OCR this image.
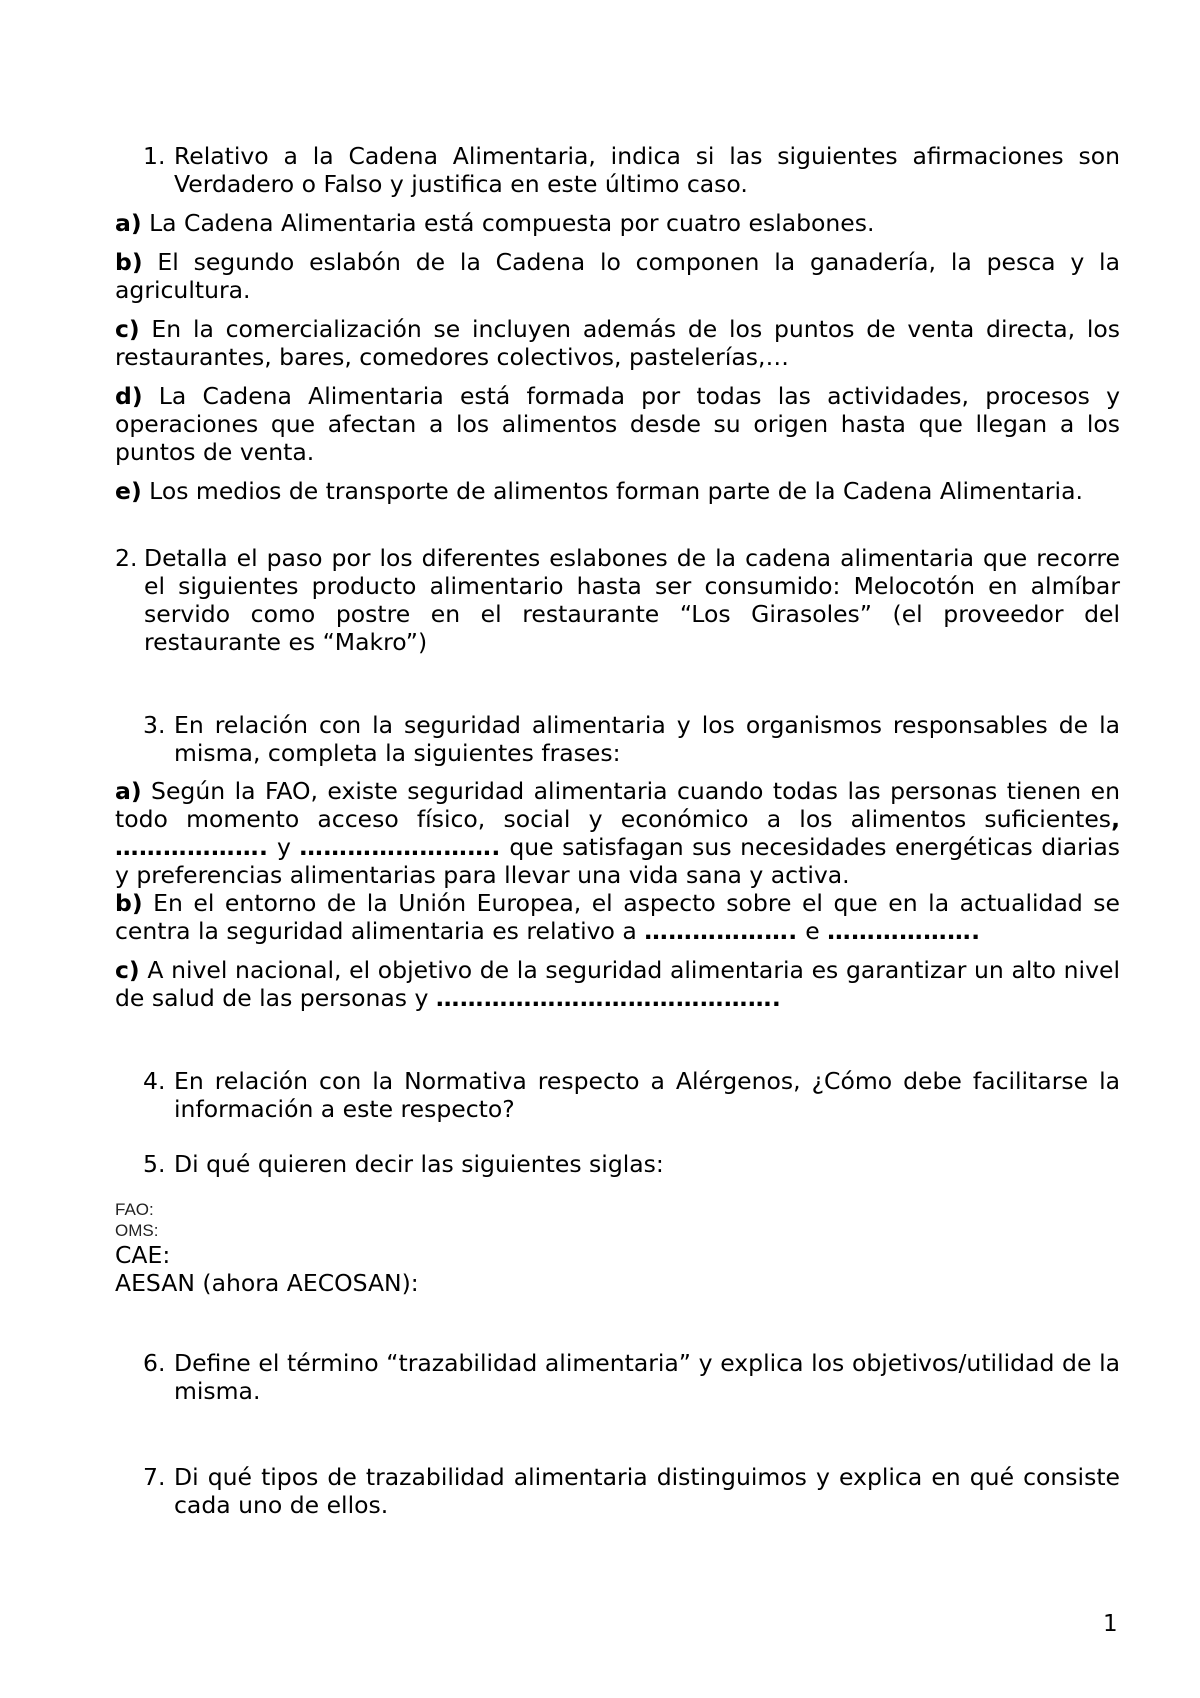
1. Relativo a la Cadena Alimentaria, indica si las siguientes afirmaciones son Verdadero o Falso y justifica en este último caso.

a) La Cadena Alimentaria está compuesta por cuatro eslabones.

b) El segundo eslabón de la Cadena lo componen la ganadería, la pesca y la agricultura.

c) En la comercialización se incluyen además de los puntos de venta directa, los restaurantes, bares, comedores colectivos, pastelerías,…

d) La Cadena Alimentaria está formada por todas las actividades, procesos y operaciones que afectan a los alimentos desde su origen hasta que llegan a los puntos de venta.

e) Los medios de transporte de alimentos forman parte de la Cadena Alimentaria.

2. Detalla el paso por los diferentes eslabones de la cadena alimentaria que recorre el siguientes producto alimentario hasta ser consumido: Melocotón en almíbar servido como postre en el restaurante “Los Girasoles” (el proveedor del restaurante es “Makro”)

3. En relación con la seguridad alimentaria y los organismos responsables de la misma, completa la siguientes frases:

a) Según la FAO, existe seguridad alimentaria cuando todas las personas tienen en todo momento acceso físico, social y económico a los alimentos suficientes, ………………. y ……………………. que satisfagan sus necesidades energéticas diarias y preferencias alimentarias para llevar una vida sana y activa.

b) En el entorno de la Unión Europea, el aspecto sobre el que en la actualidad se centra la seguridad alimentaria es relativo a ………………. e ……………….

c) A nivel nacional, el objetivo de la seguridad alimentaria es garantizar un alto nivel de salud de las personas y …………………………………….

4. En relación con la Normativa respecto a Alérgenos, ¿Cómo debe facilitarse la información a este respecto?

5. Di qué quieren decir las siguientes siglas:

FAO:

OMS:

CAE:

AESAN (ahora AECOSAN):

6. Define el término “trazabilidad alimentaria” y explica los objetivos/utilidad de la misma.

7. Di qué tipos de trazabilidad alimentaria distinguimos y explica en qué consiste cada uno de ellos.

1
